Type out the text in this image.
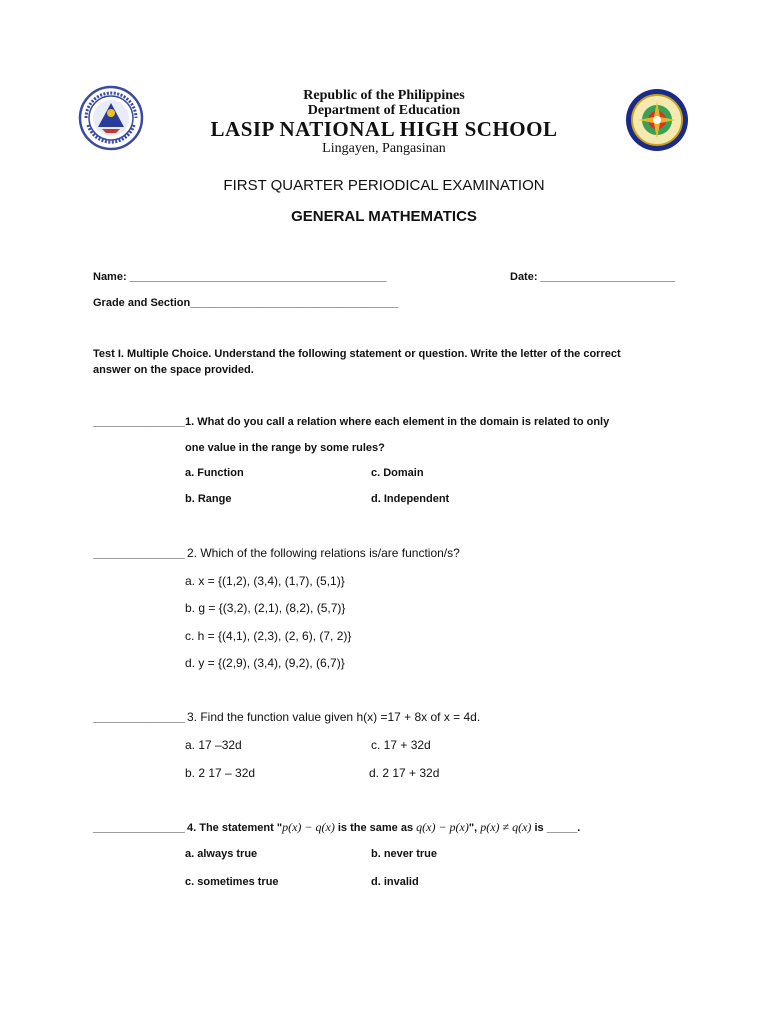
Republic of the Philippines
Department of Education
LASIP NATIONAL HIGH SCHOOL
Lingayen, Pangasinan
FIRST QUARTER PERIODICAL EXAMINATION
GENERAL MATHEMATICS
Name: __________________________________________	Date: ______________________
Grade and Section__________________________________
Test I. Multiple Choice. Understand the following statement or question. Write the letter of the correct
answer on the space provided.
_______________ 1. What do you call a relation where each element in the domain is related to only
one value in the range by some rules?
a. Function	c. Domain
b. Range	d. Independent
_______________ 2. Which of the following relations is/are function/s?
a. x = {(1,2), (3,4), (1,7), (5,1)}
b. g = {(3,2), (2,1), (8,2), (5,7)}
c. h = {(4,1), (2,3), (2, 6), (7, 2)}
d. y = {(2,9), (3,4), (9,2), (6,7)}
_______________ 3. Find the function value given h(x) =17 + 8x of x = 4d.
a. 17 –32d	c. 17 + 32d
b. 2 17 – 32d	d. 2 17 + 32d
_______________ 4. The statement "p(x) − q(x) is the same as q(x) − p(x)", p(x) ≠ q(x) is _____.
a. always true	b. never true
c. sometimes true	d. invalid
